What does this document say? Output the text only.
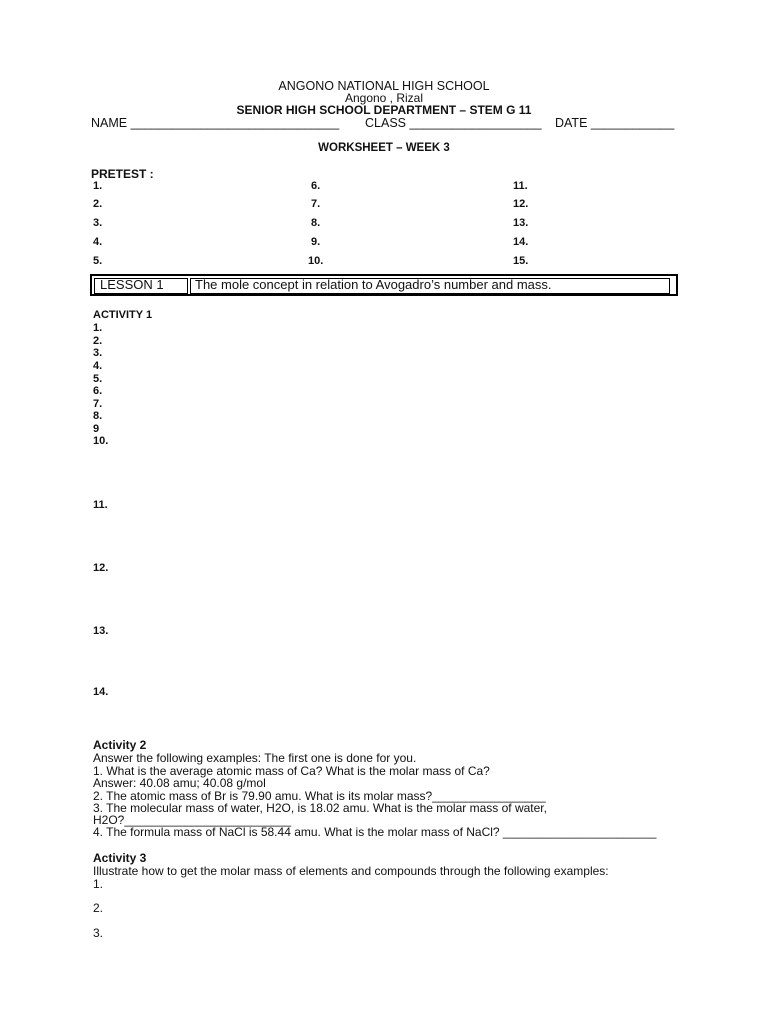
ANGONO NATIONAL HIGH SCHOOL
Angono , Rizal
SENIOR HIGH SCHOOL DEPARTMENT – STEM G 11
NAME ______________________________ CLASS ___________________ DATE ____________
WORKSHEET – WEEK 3
PRETEST :
1.
2.
3.
4.
5.
6.
7.
8.
9.
10.
11.
12.
13.
14.
15.
LESSON 1 The mole concept in relation to Avogadro’s number and mass.
ACTIVITY 1
1.
2.
3.
4.
5.
6.
7.
8.
9
10.
11.
12.
13.
14.
Activity 2
Answer the following examples: The first one is done for you.
1. What is the average atomic mass of Ca? What is the molar mass of Ca?
Answer: 40.08 amu; 40.08 g/mol
2. The atomic mass of Br is 79.90 amu. What is its molar mass?_________________
3. The molecular mass of water, H2O, is 18.02 amu. What is the molar mass of water,
H2O?_________________________
4. The formula mass of NaCl is 58.44 amu. What is the molar mass of NaCl? _______________________
Activity 3
Illustrate how to get the molar mass of elements and compounds through the following examples:
1.
2.
3.
